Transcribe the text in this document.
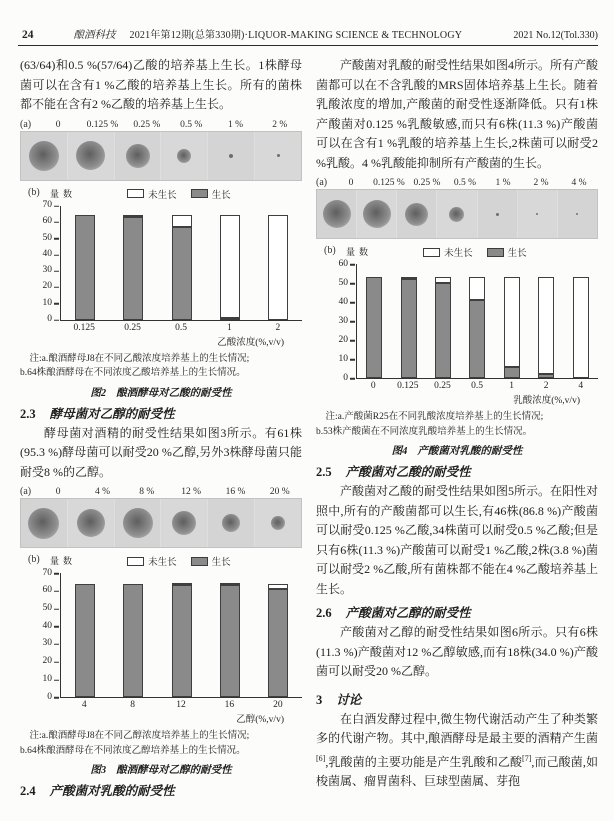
24	酿酒科技 2021年第12期(总第330期)·LIQUOR-MAKING SCIENCE & TECHNOLOGY	2021 No.12(Tol.330)

(63/64)和0.5 %(57/64)乙酸的培养基上生长。1株酵母菌可以在含有1 %乙酸的培养基上生长。所有的菌株都不能在含有2 %乙酸的培养基上生长。

(a)	0	0.125 %	0.25 %	0.5 %	1 %	2 %
(b)	数量	未生长	生长
0
10
20
30
40
50
60
70
0.125	0.25	0.5	1	2
乙酸浓度(%,v/v)
注:a.酿酒酵母J8在不同乙酸浓度培养基上的生长情况;
b.64株酿酒酵母在不同浓度乙酸培养基上的生长情况。
图2 酿酒酵母对乙酸的耐受性
2.3 酵母菌对乙醇的耐受性

酵母菌对酒精的耐受性结果如图3所示。有61株(95.3 %)酵母菌可以耐受20 %乙醇,另外3株酵母菌只能耐受8 %的乙醇。

(a)	0	4 %	8 %	12 %	16 %	20 %
(b)	数量	未生长	生长
0
10
20
30
40
50
60
70
4	8	12	16	20
乙醇(%,v/v)
注:a.酿酒酵母J8在不同乙醇浓度培养基上的生长情况;
b.64株酿酒酵母在不同浓度乙醇培养基上的生长情况。
图3 酿酒酵母对乙醇的耐受性
2.4 产酸菌对乳酸的耐受性

产酸菌对乳酸的耐受性结果如图4所示。所有产酸菌都可以在不含乳酸的MRS固体培养基上生长。随着乳酸浓度的增加,产酸菌的耐受性逐渐降低。只有1株产酸菌对0.125 %乳酸敏感,而只有6株(11.3 %)产酸菌可以在含有1 %乳酸的培养基上生长,2株菌可以耐受2 %乳酸。4 %乳酸能抑制所有产酸菌的生长。

(a)	0	0.125 % 0.25 %	0.5 %	1 %	2 %	4 %
(b)	数量	未生长	生长
0
10
20
30
40
50
60
0	0.125	0.25	0.5	1	2	4
乳酸浓度(%,v/v)
注:a.产酸菌R25在不同乳酸浓度培养基上的生长情况;
b.53株产酸菌在不同浓度乳酸培养基上的生长情况。
图4 产酸菌对乳酸的耐受性
2.5 产酸菌对乙酸的耐受性

产酸菌对乙酸的耐受性结果如图5所示。在阳性对照中,所有的产酸菌都可以生长,有46株(86.8 %)产酸菌可以耐受0.125 %乙酸,34株菌可以耐受0.5 %乙酸;但是只有6株(11.3 %)产酸菌可以耐受1 %乙酸,2株(3.8 %)菌可以耐受2 %乙酸,所有菌株都不能在4 %乙酸培养基上生长。

2.6 产酸菌对乙醇的耐受性

产酸菌对乙醇的耐受性结果如图6所示。只有6株(11.3 %)产酸菌对12 %乙醇敏感,而有18株(34.0 %)产酸菌可以耐受20 %乙醇。

3 讨论

在白酒发酵过程中,微生物代谢活动产生了种类繁多的代谢产物。其中,酿酒酵母是最主要的酒精产生菌[6],乳酸菌的主要功能是产生乳酸和乙酸[7],而己酸菌,如梭菌属、瘤胃菌科、巨球型菌属、芽孢
